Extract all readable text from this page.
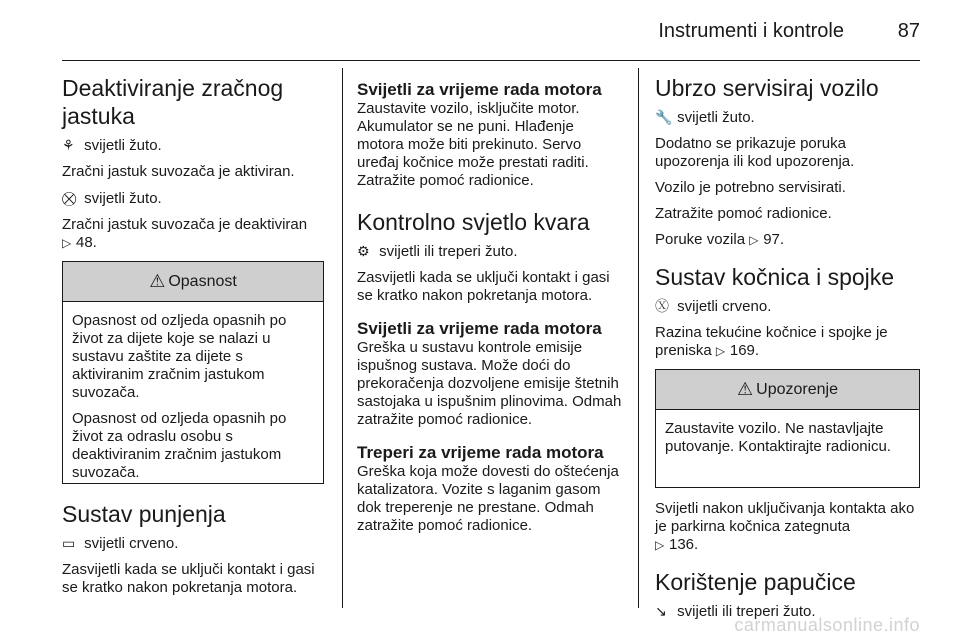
Instrumenti i kontrole	87
Deaktiviranje zračnog jastuka

⚘ svijetli žuto.

Zračni jastuk suvozača je aktiviran.

⛒ svijetli žuto.

Zračni jastuk suvozača je deaktiviran
▷ 48.

⚠ Opasnost

Opasnost od ozljeda opasnih po život za dijete koje se nalazi u sustavu zaštite za dijete s aktiviranim zračnim jastukom suvozača.

Opasnost od ozljeda opasnih po život za odraslu osobu s deaktiviranim zračnim jastukom suvozača.

Sustav punjenja

▭ svijetli crveno.

Zasvijetli kada se uključi kontakt i gasi se kratko nakon pokretanja motora.

Svijetli za vrijeme rada motora

Zaustavite vozilo, isključite motor. Akumulator se ne puni. Hlađenje motora može biti prekinuto. Servo uređaj kočnice može prestati raditi. Zatražite pomoć radionice.

Kontrolno svjetlo kvara

⚙ svijetli ili treperi žuto.

Zasvijetli kada se uključi kontakt i gasi se kratko nakon pokretanja motora.

Svijetli za vrijeme rada motora

Greška u sustavu kontrole emisije ispušnog sustava. Može doći do prekoračenja dozvoljene emisije štetnih sastojaka u ispušnim plinovima. Odmah zatražite pomoć radionice.

Treperi za vrijeme rada motora

Greška koja može dovesti do oštećenja katalizatora. Vozite s laganim gasom dok treperenje ne prestane. Odmah zatražite pomoć radionice.

Ubrzo servisiraj vozilo

🔧 svijetli žuto.

Dodatno se prikazuje poruka upozorenja ili kod upozorenja.

Vozilo je potrebno servisirati.

Zatražite pomoć radionice.

Poruke vozila ▷ 97.

Sustav kočnica i spojke

Ⓧ svijetli crveno.

Razina tekućine kočnice i spojke je preniska ▷ 169.

⚠ Upozorenje

Zaustavite vozilo. Ne nastavljajte putovanje. Kontaktirajte radionicu.

Svijetli nakon uključivanja kontakta ako je parkirna kočnica zategnuta
▷ 136.

Korištenje papučice

↘ svijetli ili treperi žuto.

carmanualsonline.info
